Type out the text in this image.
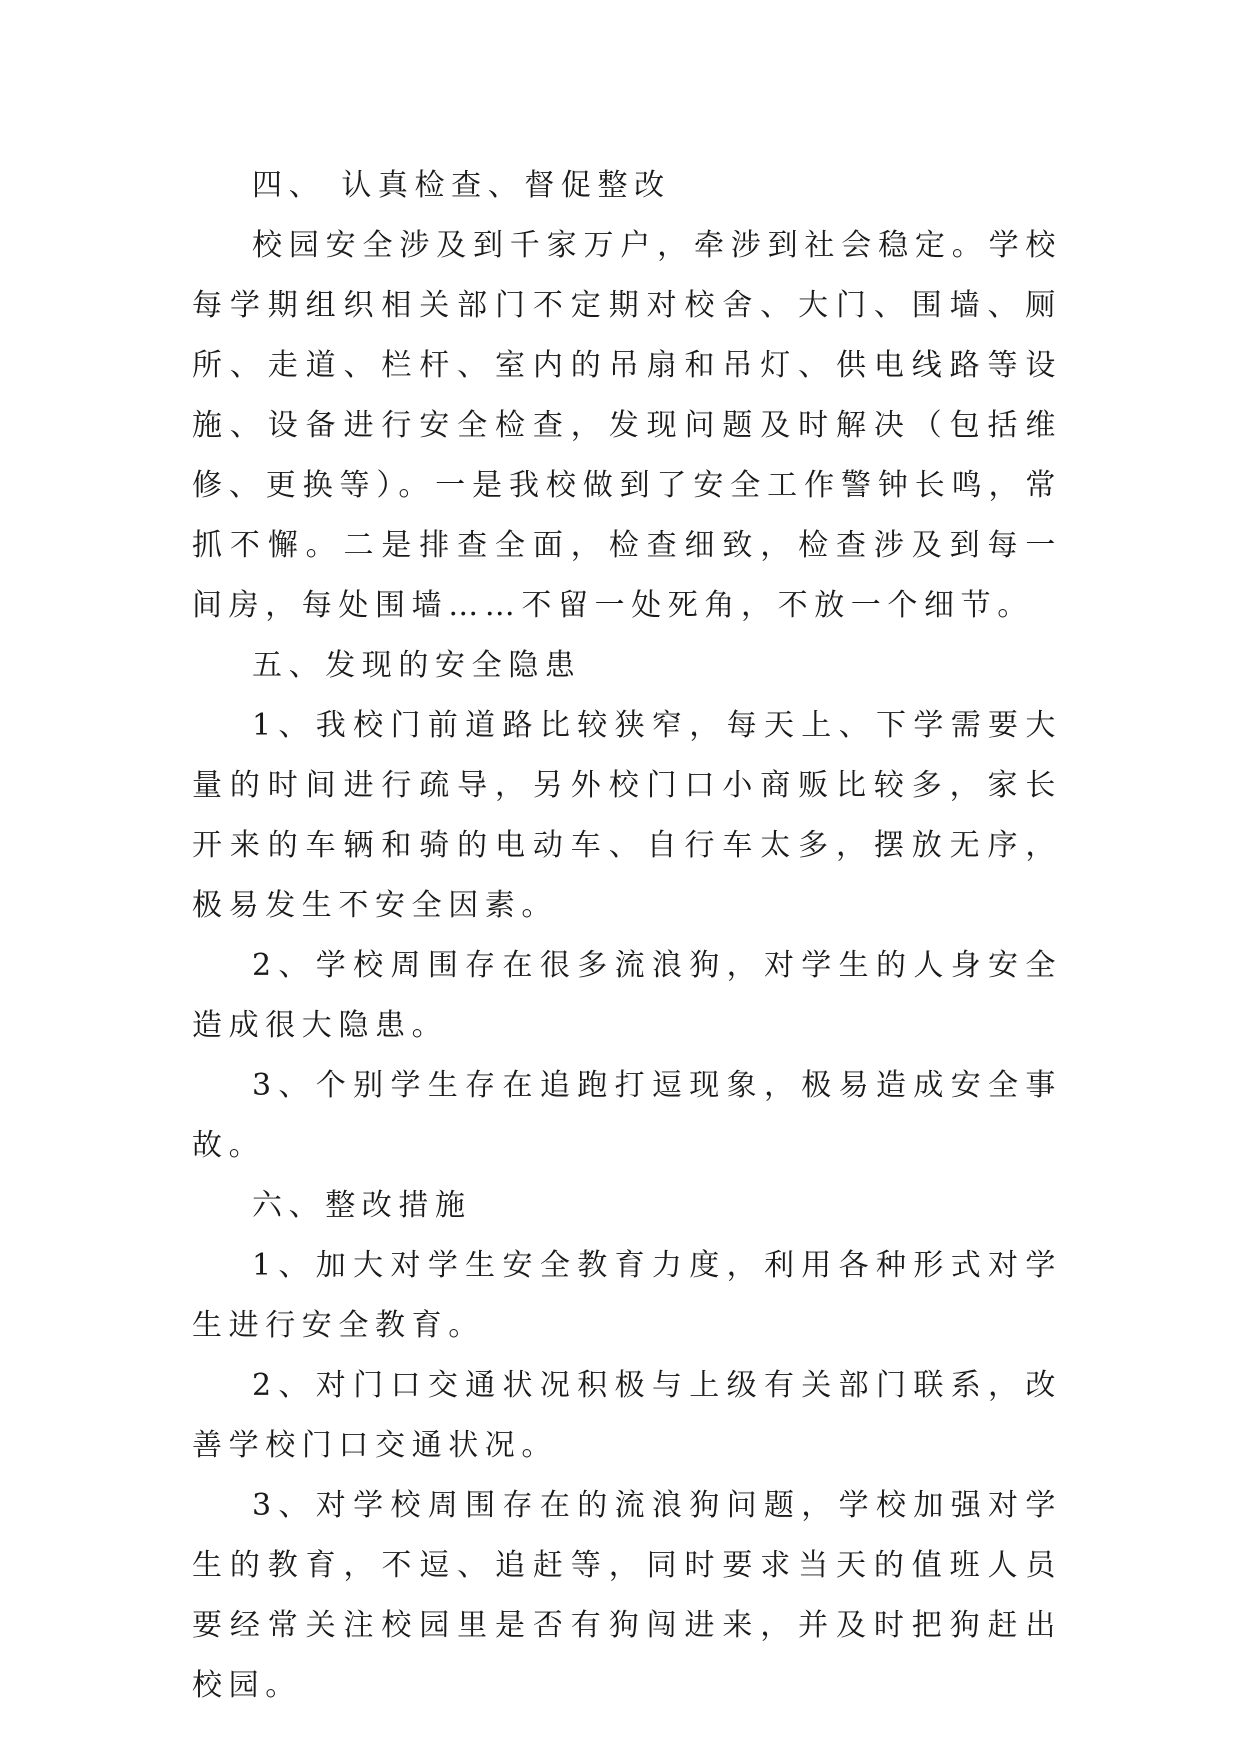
四、 认真检查、督促整改

校园安全涉及到千家万户，牵涉到社会稳定。学校每学期组织相关部门不定期对校舍、大门、围墙、厕所、走道、栏杆、室内的吊扇和吊灯、供电线路等设施、设备进行安全检查，发现问题及时解决（包括维修、更换等）。一是我校做到了安全工作警钟长鸣，常抓不懈。二是排查全面，检查细致，检查涉及到每一间房，每处围墙……不留一处死角，不放一个细节。

五、发现的安全隐患

1、我校门前道路比较狭窄，每天上、下学需要大量的时间进行疏导，另外校门口小商贩比较多，家长开来的车辆和骑的电动车、自行车太多，摆放无序，极易发生不安全因素。

2、学校周围存在很多流浪狗，对学生的人身安全造成很大隐患。

3、个别学生存在追跑打逗现象，极易造成安全事故。

六、整改措施

1、加大对学生安全教育力度，利用各种形式对学生进行安全教育。

2、对门口交通状况积极与上级有关部门联系，改善学校门口交通状况。

3、对学校周围存在的流浪狗问题，学校加强对学生的教育，不逗、追赶等，同时要求当天的值班人员要经常关注校园里是否有狗闯进来，并及时把狗赶出校园。
